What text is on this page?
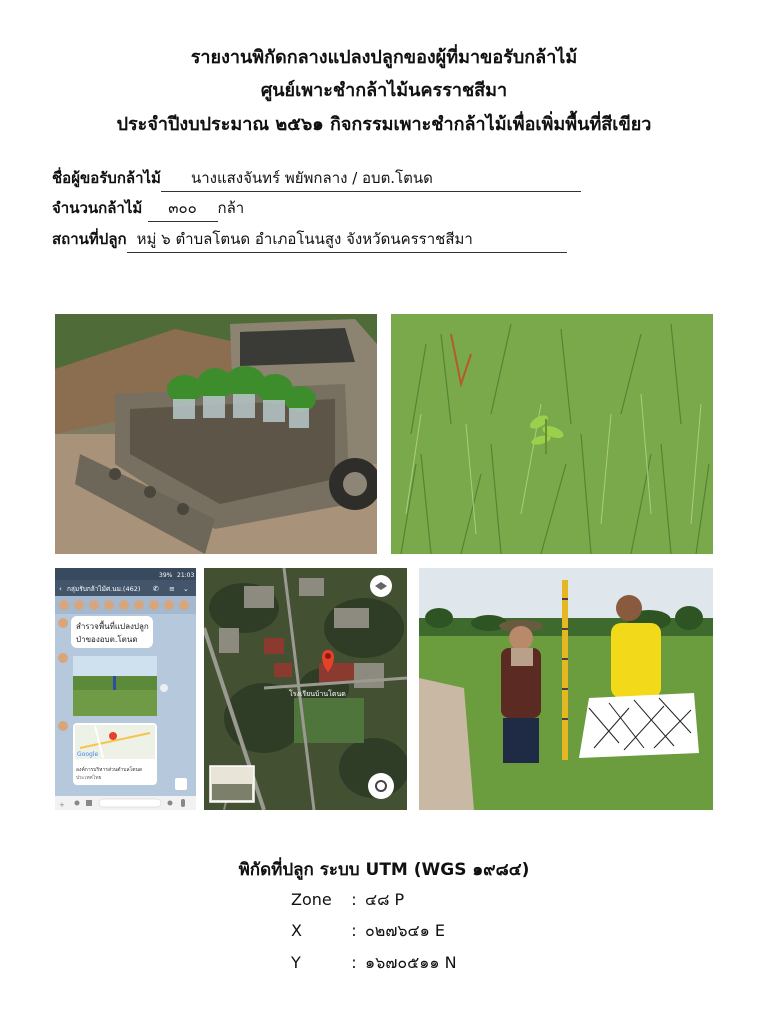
รายงานพิกัดกลางแปลงปลูกของผู้ที่มาขอรับกล้าไม้
ศูนย์เพาะชำกล้าไม้นครราชสีมา
ประจำปีงบประมาณ ๒๕๖๑ กิจกรรมเพาะชำกล้าไม้เพื่อเพิ่มพื้นที่สีเขียว
ชื่อผู้ขอรับกล้าไม้ นางแสงจันทร์ พยัพกลาง / อบต.โตนด
จำนวนกล้าไม้ ๓๐๐ กล้า
สถานที่ปลูก หมู่ ๖ ตำบลโตนด อำเภอโนนสูง จังหวัดนครราชสีมา
39% 21:03
‹ กลุ่มรับกล้าไม้ศ.นม.(462) ✆ ≡ ⌄
สำรวจพื้นที่แปลงปลูก
ป่าของอบต.โตนด
Google
องค์การบริหารส่วนตำบลโตนด
ประเทศไทย
+
โรงเรียนบ้านโตนด
พิกัดที่ปลูก ระบบ UTM (WGS ๑๙๘๔)
Zone : ๔๘ P
X	: ๐๒๗๖๔๑ E
Y	: ๑๖๗๐๕๑๑ N
